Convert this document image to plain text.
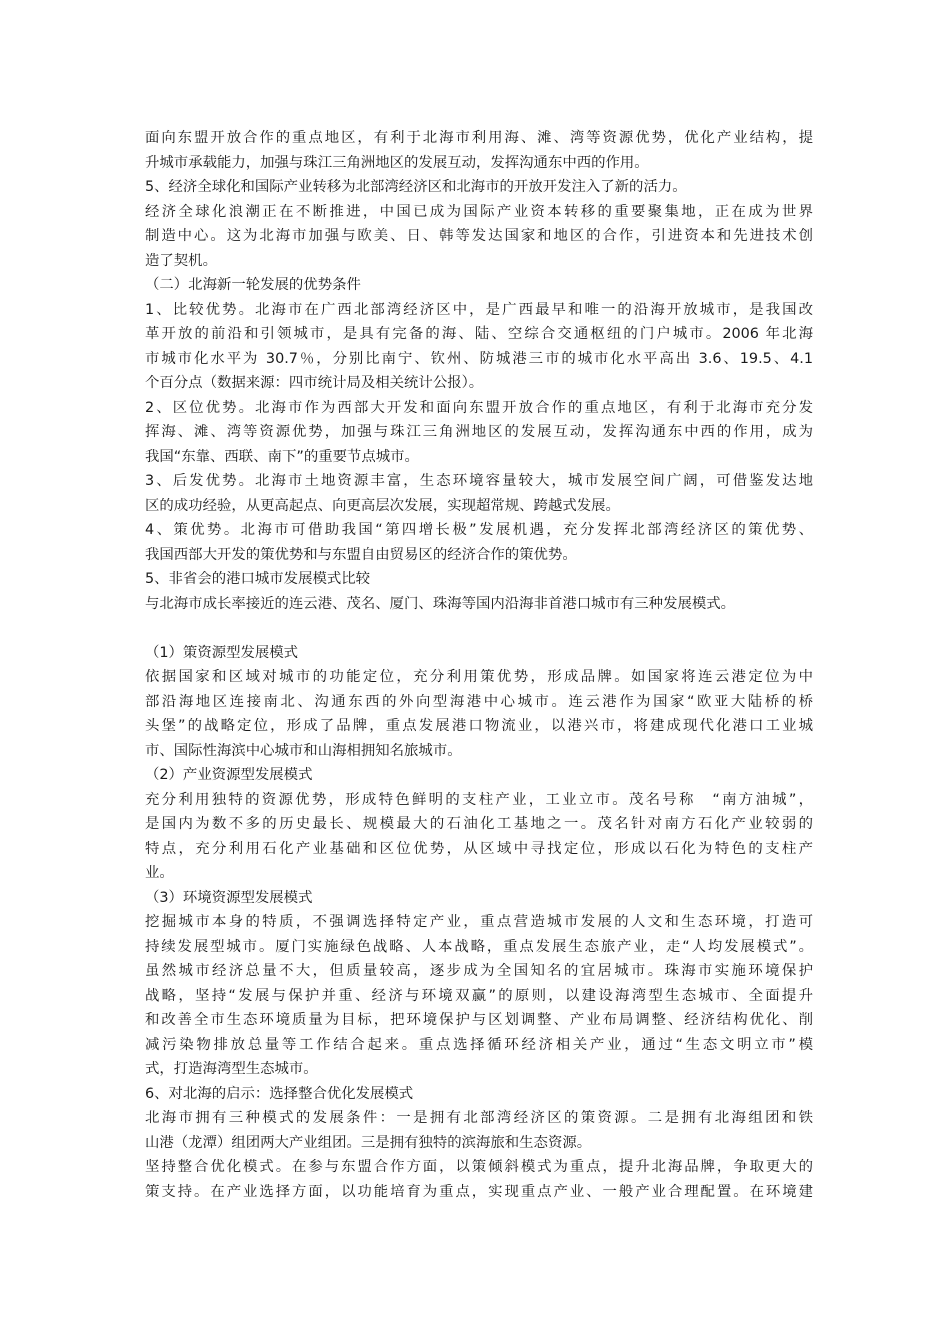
面向东盟开放合作的重点地区，有利于北海市利用海、滩、湾等资源优势，优化产业结构，提
升城市承载能力，加强与珠江三角洲地区的发展互动，发挥沟通东中西的作用。
5、经济全球化和国际产业转移为北部湾经济区和北海市的开放开发注入了新的活力。
经济全球化浪潮正在不断推进，中国已成为国际产业资本转移的重要聚集地，正在成为世界
制造中心。这为北海市加强与欧美、日、韩等发达国家和地区的合作，引进资本和先进技术创
造了契机。
（二）北海新一轮发展的优势条件
1、比较优势。北海市在广西北部湾经济区中，是广西最早和唯一的沿海开放城市，是我国改
革开放的前沿和引领城市，是具有完备的海、陆、空综合交通枢纽的门户城市。2006 年北海
市城市化水平为 30.7％，分别比南宁、钦州、防城港三市的城市化水平高出 3.6、19.5、4.1
个百分点（数据来源：四市统计局及相关统计公报）。
2、区位优势。北海市作为西部大开发和面向东盟开放合作的重点地区，有利于北海市充分发
挥海、滩、湾等资源优势，加强与珠江三角洲地区的发展互动，发挥沟通东中西的作用，成为
我国“东靠、西联、南下”的重要节点城市。
3、后发优势。北海市土地资源丰富，生态环境容量较大，城市发展空间广阔，可借鉴发达地
区的成功经验，从更高起点、向更高层次发展，实现超常规、跨越式发展。
4、策优势。北海市可借助我国“第四增长极”发展机遇，充分发挥北部湾经济区的策优势、
我国西部大开发的策优势和与东盟自由贸易区的经济合作的策优势。
5、非省会的港口城市发展模式比较
与北海市成长率接近的连云港、茂名、厦门、珠海等国内沿海非首港口城市有三种发展模式。
（1）策资源型发展模式
依据国家和区域对城市的功能定位，充分利用策优势，形成品牌。如国家将连云港定位为中
部沿海地区连接南北、沟通东西的外向型海港中心城市。连云港作为国家“欧亚大陆桥的桥
头堡”的战略定位，形成了品牌，重点发展港口物流业，以港兴市，将建成现代化港口工业城
市、国际性海滨中心城市和山海相拥知名旅城市。
（2）产业资源型发展模式
充分利用独特的资源优势，形成特色鲜明的支柱产业，工业立市。茂名号称　“南方油城”，
是国内为数不多的历史最长、规模最大的石油化工基地之一。茂名针对南方石化产业较弱的
特点，充分利用石化产业基础和区位优势，从区域中寻找定位，形成以石化为特色的支柱产
业。
（3）环境资源型发展模式
挖掘城市本身的特质，不强调选择特定产业，重点营造城市发展的人文和生态环境，打造可
持续发展型城市。厦门实施绿色战略、人本战略，重点发展生态旅产业，走“人均发展模式”。
虽然城市经济总量不大，但质量较高，逐步成为全国知名的宜居城市。珠海市实施环境保护
战略，坚持“发展与保护并重、经济与环境双赢”的原则，以建设海湾型生态城市、全面提升
和改善全市生态环境质量为目标，把环境保护与区划调整、产业布局调整、经济结构优化、削
减污染物排放总量等工作结合起来。重点选择循环经济相关产业，通过“生态文明立市”模
式，打造海湾型生态城市。
6、对北海的启示：选择整合优化发展模式
北海市拥有三种模式的发展条件：一是拥有北部湾经济区的策资源。二是拥有北海组团和铁
山港（龙潭）组团两大产业组团。三是拥有独特的滨海旅和生态资源。
坚持整合优化模式。在参与东盟合作方面，以策倾斜模式为重点，提升北海品牌，争取更大的
策支持。在产业选择方面，以功能培育为重点，实现重点产业、一般产业合理配置。在环境建
